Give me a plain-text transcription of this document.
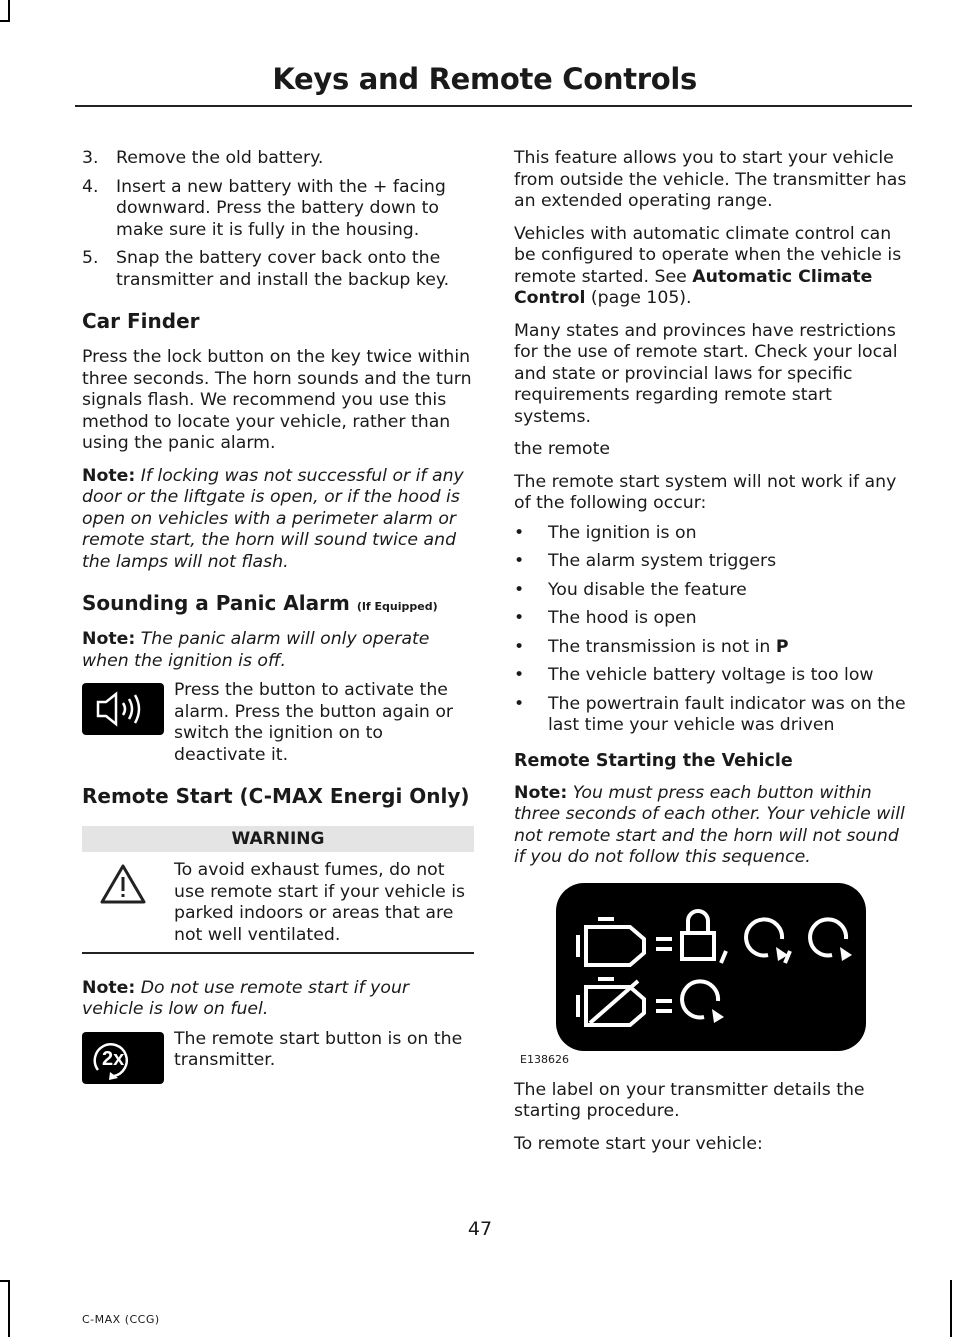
Keys and Remote Controls
3.	Remove the old battery.
4.	Insert a new battery with the + facing downward. Press the battery down to make sure it is fully in the housing.
5.	Snap the battery cover back onto the transmitter and install the backup key.
Car Finder

Press the lock button on the key twice within three seconds. The horn sounds and the turn signals flash. We recommend you use this method to locate your vehicle, rather than using the panic alarm.

Note: If locking was not successful or if any door or the liftgate is open, or if the hood is open on vehicles with a perimeter alarm or remote start, the horn will sound twice and the lamps will not flash.

Sounding a Panic Alarm (If Equipped)

Note: The panic alarm will only operate when the ignition is off.

Press the button to activate the alarm. Press the button again or switch the ignition on to deactivate it.

Remote Start (C-MAX Energi Only)
WARNING

To avoid exhaust fumes, do not use remote start if your vehicle is parked indoors or areas that are not well ventilated.

Note: Do not use remote start if your vehicle is low on fuel.

2x

The remote start button is on the transmitter.

This feature allows you to start your vehicle from outside the vehicle. The transmitter has an extended operating range.

Vehicles with automatic climate control can be configured to operate when the vehicle is remote started. See Automatic Climate Control (page 105).

Many states and provinces have restrictions for the use of remote start. Check your local and state or provincial laws for specific requirements regarding remote start systems.

the remote

The remote start system will not work if any of the following occur:

•	The ignition is on
•	The alarm system triggers
•	You disable the feature
•	The hood is open
•	The transmission is not in P
•	The vehicle battery voltage is too low
•	The powertrain fault indicator was on the last time your vehicle was driven
Remote Starting the Vehicle

Note: You must press each button within three seconds of each other. Your vehicle will not remote start and the horn will not sound if you do not follow this sequence.

E138626

The label on your transmitter details the starting procedure.

To remote start your vehicle:

47
C-MAX (CCG)
